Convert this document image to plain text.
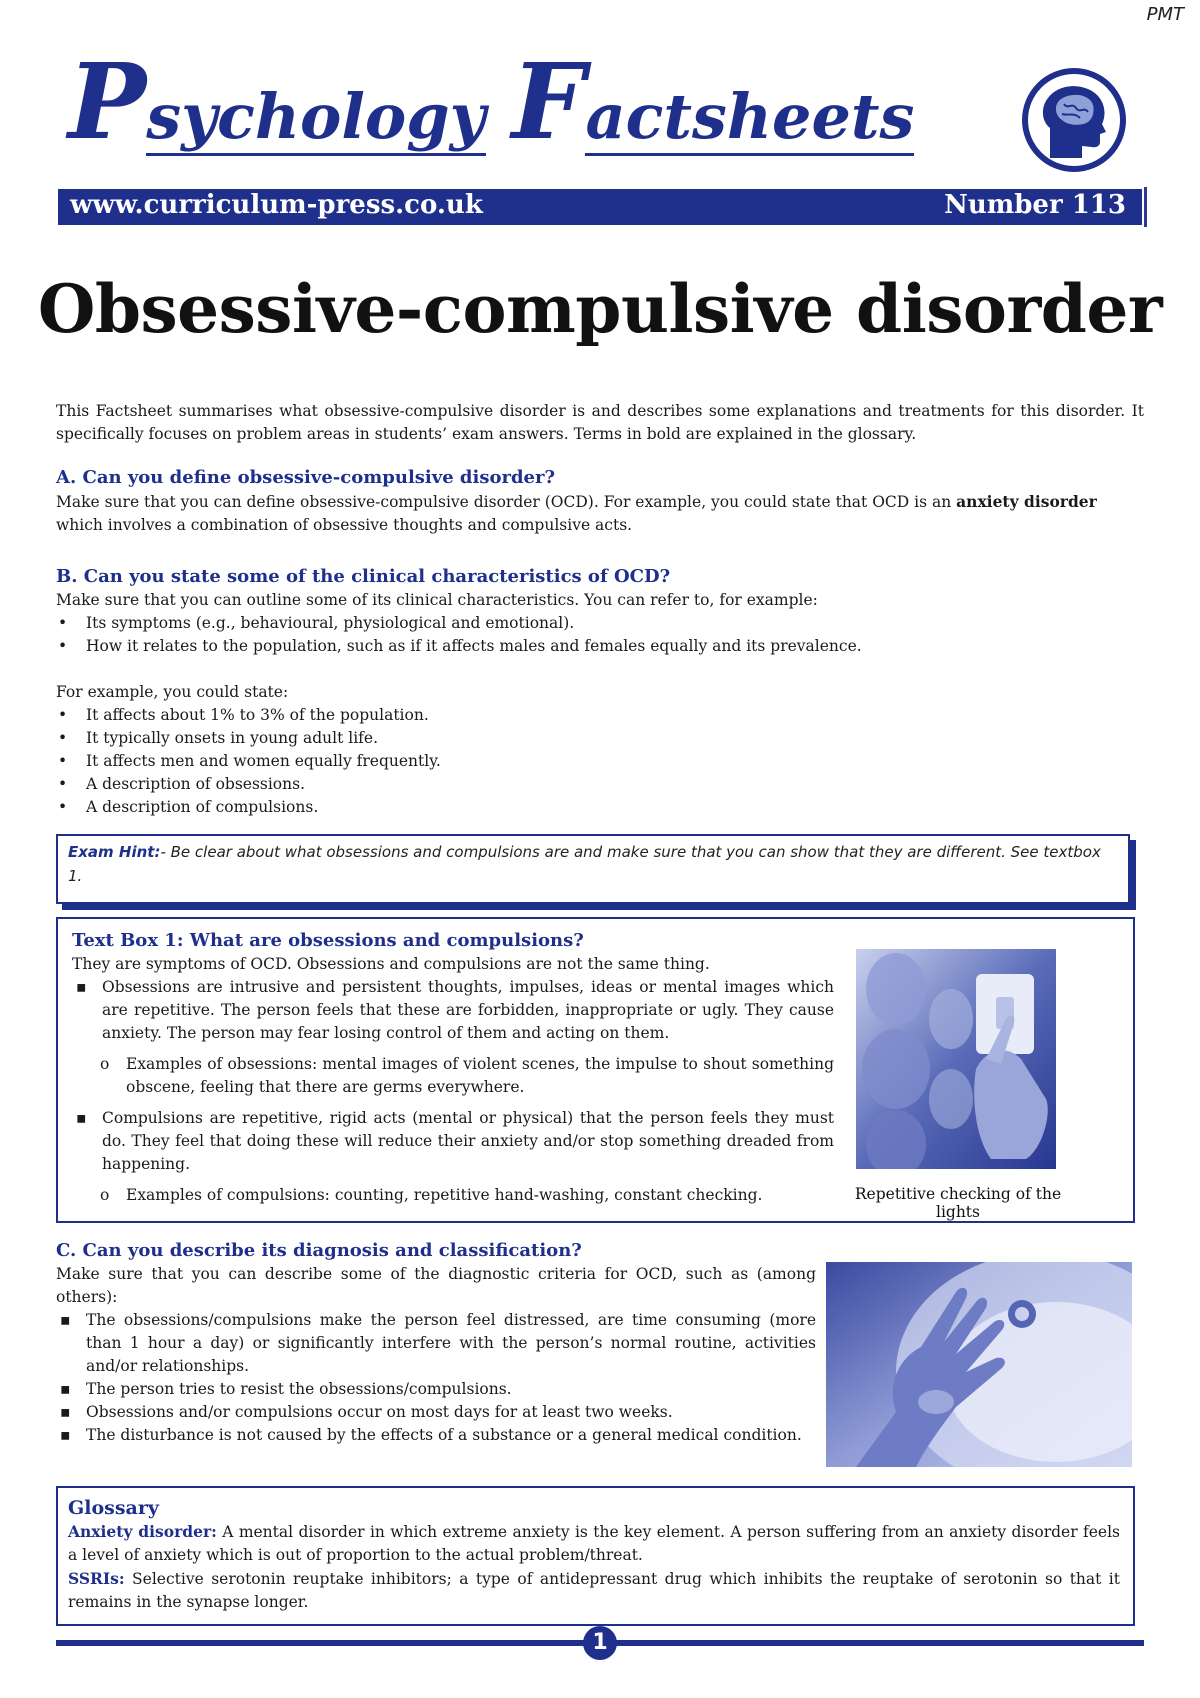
PMT
Psychology Factsheets
www.curriculum-press.co.uk	Number 113
Obsessive-compulsive disorder
This Factsheet summarises what obsessive-compulsive disorder is and describes some explanations and treatments for this disorder. It specifically focuses on problem areas in students’ exam answers. Terms in bold are explained in the glossary.
A. Can you define obsessive-compulsive disorder?

Make sure that you can define obsessive-compulsive disorder (OCD). For example, you could state that OCD is an anxiety disorder which involves a combination of obsessive thoughts and compulsive acts.

B. Can you state some of the clinical characteristics of OCD?

Make sure that you can outline some of its clinical characteristics. You can refer to, for example:

• Its symptoms (e.g., behavioural, physiological and emotional).
• How it relates to the population, such as if it affects males and females equally and its prevalence.

For example, you could state:

• It affects about 1% to 3% of the population.
• It typically onsets in young adult life.
• It affects men and women equally frequently.
• A description of obsessions.
• A description of compulsions.
Exam Hint:- Be clear about what obsessions and compulsions are and make sure that you can show that they are different. See textbox 1.
Text Box 1: What are obsessions and compulsions?

They are symptoms of OCD. Obsessions and compulsions are not the same thing.

▪ Obsessions are intrusive and persistent thoughts, impulses, ideas or mental images which are repetitive. The person feels that these are forbidden, inappropriate or ugly. They cause anxiety. The person may fear losing control of them and acting on them.
o Examples of obsessions: mental images of violent scenes, the impulse to shout something obscene, feeling that there are germs everywhere.
▪ Compulsions are repetitive, rigid acts (mental or physical) that the person feels they must do. They feel that doing these will reduce their anxiety and/or stop something dreaded from happening.
o Examples of compulsions: counting, repetitive hand-washing, constant checking.	Repetitive checking of the lights
C. Can you describe its diagnosis and classification?

Make sure that you can describe some of the diagnostic criteria for OCD, such as (among others):

▪ The obsessions/compulsions make the person feel distressed, are time consuming (more than 1 hour a day) or significantly interfere with the person’s normal routine, activities and/or relationships.
▪ The person tries to resist the obsessions/compulsions.
▪ Obsessions and/or compulsions occur on most days for at least two weeks.
▪ The disturbance is not caused by the effects of a substance or a general medical condition.
Glossary

Anxiety disorder: A mental disorder in which extreme anxiety is the key element. A person suffering from an anxiety disorder feels a level of anxiety which is out of proportion to the actual problem/threat.

SSRIs: Selective serotonin reuptake inhibitors; a type of antidepressant drug which inhibits the reuptake of serotonin so that it remains in the synapse longer.

1
